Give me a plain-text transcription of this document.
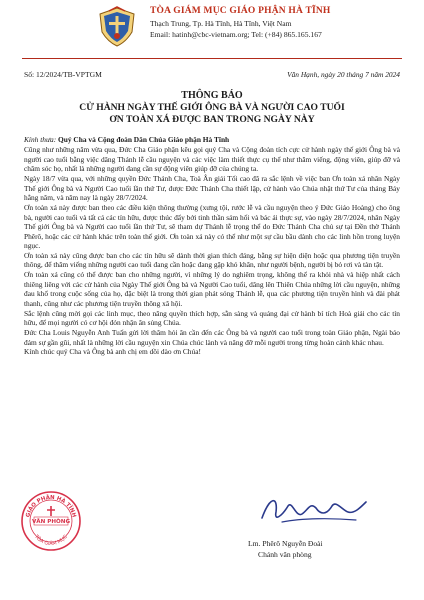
TÒA GIÁM MỤC GIÁO PHẬN HÀ TĨNH
Thạch Trung, Tp. Hà Tĩnh, Hà Tĩnh, Việt Nam
Email: hatinh@cbc-vietnam.org; Tel: (+84) 865.165.167
Số: 12/2024/TB-VPTGM	Văn Hạnh, ngày 20 tháng 7 năm 2024
THÔNG BÁO
CỬ HÀNH NGÀY THẾ GIỚI ÔNG BÀ VÀ NGƯỜI CAO TUỔI
ƠN TOÀN XÁ ĐƯỢC BAN TRONG NGÀY NÀY

Kính thưa: Quý Cha và Cộng đoàn Dân Chúa Giáo phận Hà Tĩnh

Cũng như những năm vừa qua, Đức Cha Giáo phận kêu gọi quý Cha và Cộng đoàn tích cực cử hành ngày thế giới Ông bà và người cao tuổi bằng việc dâng Thánh lễ cầu nguyện và các việc làm thiết thực cụ thể như thăm viếng, động viên, giúp đỡ và chăm sóc họ, nhất là những người đang cần sự động viên giúp đỡ của chúng ta.

Ngày 18/7 vừa qua, với những quyền Đức Thánh Cha, Toà Ân giải Tối cao đã ra sắc lệnh về việc ban Ơn toàn xá nhân Ngày Thế giới Ông bà và Người Cao tuổi lần thứ Tư, được Đức Thánh Cha thiết lập, cử hành vào Chúa nhật thứ Tư của tháng Bảy hằng năm, và năm nay là ngày 28/7/2024.

Ơn toàn xá này được ban theo các điều kiện thông thường (xưng tội, rước lễ và cầu nguyện theo ý Đức Giáo Hoàng) cho ông bà, người cao tuổi và tất cả các tín hữu, được thúc đẩy bởi tinh thần sám hối và bác ái thực sự, vào ngày 28/7/2024, nhân Ngày Thế giới Ông bà và Người cao tuổi lần thứ Tư, sẽ tham dự Thánh lễ trọng thể do Đức Thánh Cha chủ sự tại Đền thờ Thánh Phêrô, hoặc các cử hành khác trên toàn thế giới. Ơn toàn xá này có thể như một sự cầu bầu dành cho các linh hồn trong luyện ngục.

Ơn toàn xá này cũng được ban cho các tín hữu sẽ dành thời gian thích đáng, bằng sự hiện diện hoặc qua phương tiện truyền thông, để thăm viếng những người cao tuổi đang cần hoặc đang gặp khó khăn, như người bệnh, người bị bỏ rơi và tàn tật.

Ơn toàn xá cũng có thể được ban cho những người, vì những lý do nghiêm trọng, không thể ra khỏi nhà và hiệp nhất cách thiêng liêng với các cử hành của Ngày Thế giới Ông bà và Người Cao tuổi, dâng lên Thiên Chúa những lời cầu nguyện, những đau khổ trong cuộc sống của họ, đặc biệt là trong thời gian phát sóng Thánh lễ, qua các phương tiện truyền hình và đài phát thanh, cũng như các phương tiện truyền thông xã hội.

Sắc lệnh cũng mời gọi các linh mục, theo năng quyền thích hợp, sẵn sàng và quảng đại cử hành bí tích Hoà giải cho các tín hữu, để mọi người có cơ hội đón nhận ân sủng Chúa.

Đức Cha Louis Nguyễn Anh Tuấn gửi lời thăm hỏi ân cần đến các Ông bà và người cao tuổi trong toàn Giáo phận, Ngài bảo đảm sự gần gũi, nhất là những lời cầu nguyện xin Chúa chúc lành và nâng đỡ mỗi người trong từng hoàn cảnh khác nhau.

Kính chúc quý Cha và Ông bà anh chị em dồi dào ơn Chúa!

GIÁO PHẬN HÀ TĨNH
TÒA GIÁM MỤC
VĂN PHÒNG
Lm. Phêrô Nguyễn Đoài
Chánh văn phòng
